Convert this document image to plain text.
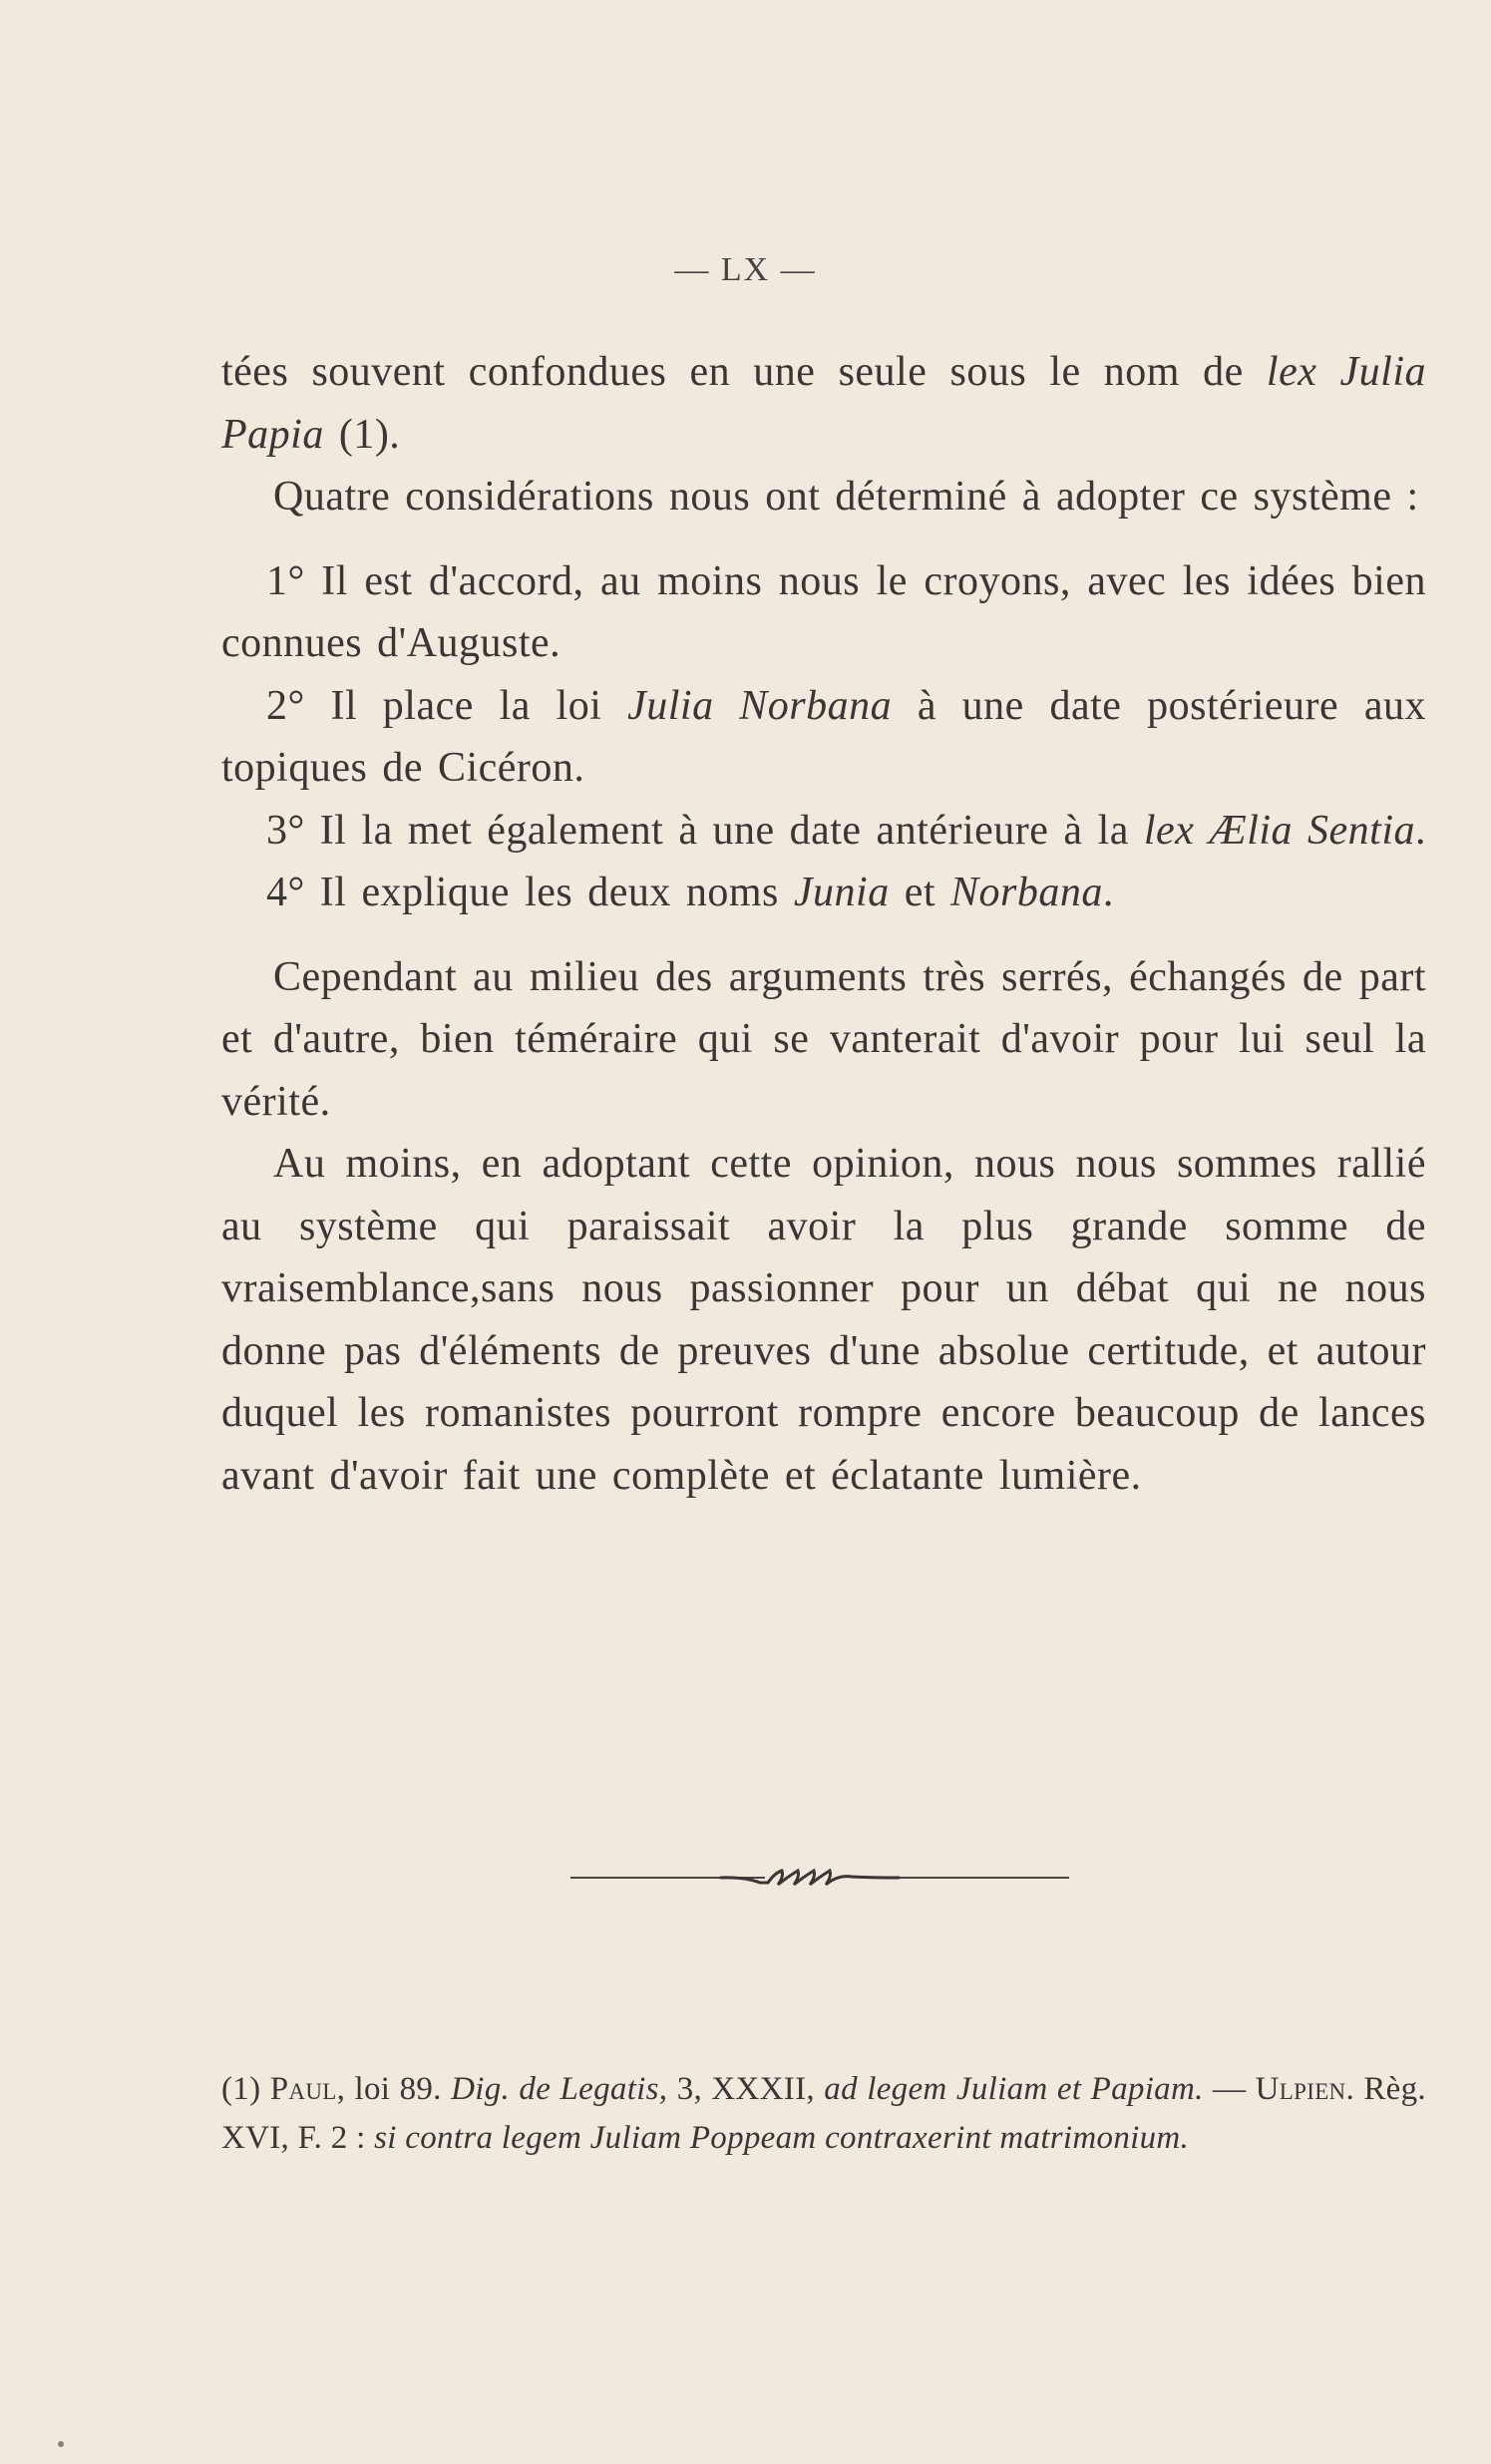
— LX —

tées souvent confondues en une seule sous le nom de lex Julia Papia (1).

Quatre considérations nous ont déterminé à adopter ce système :

1° Il est d'accord, au moins nous le croyons, avec les idées bien connues d'Auguste.

2° Il place la loi Julia Norbana à une date postérieure aux topiques de Cicéron.

3° Il la met également à une date antérieure à la lex Ælia Sentia.

4° Il explique les deux noms Junia et Norbana.

Cependant au milieu des arguments très serrés, échangés de part et d'autre, bien téméraire qui se vanterait d'avoir pour lui seul la vérité.

Au moins, en adoptant cette opinion, nous nous sommes rallié au système qui paraissait avoir la plus grande somme de vraisemblance,sans nous passionner pour un débat qui ne nous donne pas d'éléments de preuves d'une absolue certitude, et autour duquel les romanistes pourront rompre encore beaucoup de lances avant d'avoir fait une complète et éclatante lumière.

(1) Paul, loi 89. Dig. de Legatis, 3, XXXII, ad legem Juliam et Papiam. — Ulpien. Règ. XVI, F. 2 : si contra legem Juliam Poppeam contraxerint matrimonium.
